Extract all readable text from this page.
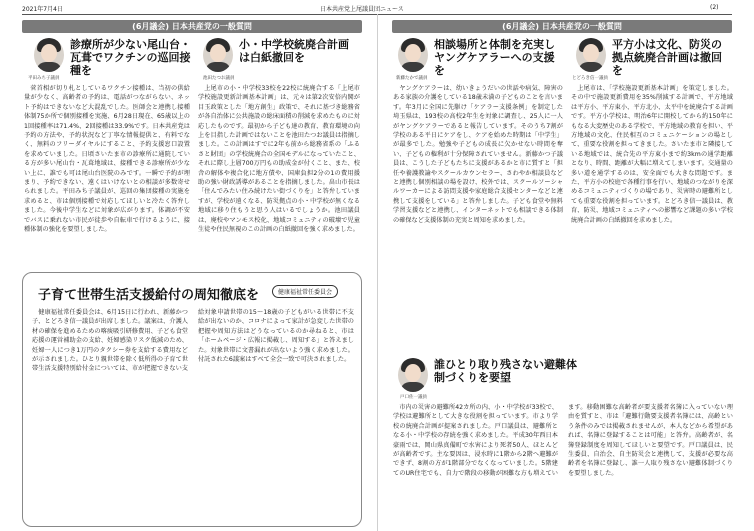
2021年7月4日	日本共産党上尾議員団ニュース	(2)
(6月議会) 日本共産党の一般質問	(6月議会) 日本共産党の一般質問
診療所が少ない尾山台・瓦葺でワクチンの巡回接種を
平田みち子議員

菅首相が切り札としているワクチン接種は、当初の供給量が少なく、高齢者の予約は、電話がつながらない、ネット予約はできないなど大混乱でした。医師会と連携し接種体制75か所で個別接種を実施、6月28日現在、65歳以上の1回接種率は71.4%、2回接種は33.9%です。日本共産党は予約の方法や、予約状況など丁寧な情報提供と、有料でなく、無料のフリーダイヤルにすること、予約支援窓口設置を求めていました。日頃さいたま市の診療所に通院している方が多い尾山台・瓦葺地域は、接種できる診療所が少ない上に、誰でも可は尾山台医院のみです。一瞬で予約が埋まり、予約できない、遠くはいけないとの相談が多数寄せられました。平田みち子議員が、巡回の集団接種の実施を求めると、市は個別接種で対応してほしいと冷たく答弁しました。今後中学生などに対象が広がります。体調が不安でバスに乗れない市民が徒歩や自転車で行けるように、接種体制の強化を要望しました。

小・中学校統廃合計画は白紙撤回を
池田たつお議員

上尾市の小・中学校33校を22校に統廃合する「上尾市学校施設更新計画基本計画」は、元々は第2次安倍内閣が目玉政策とした「地方創生」政策で、それに基づき総務省が各自治体に公共施設の総床面積の削減を求めたものに対応したものです。最初から子ども達の教育、教育環境の向上を目指した計画ではないことを池田たつお議員は指摘しました。この計画はすでに2年も前から総務省系の「ふるさと財団」の学校統廃合の全国モデルになっていたこと、それに際し上層700万円もの助成金が付くこと、また、校舎の解体や複合化に地方債や、国庫負担2分の1の費用援助の強い財政誘導があることを指摘しました。畠山市長は「住んでみたい住み続けたい街づくりを」と答弁していますが、学校が遠くなる、防災拠点の小・中学校が無くなる地域に移り住もうと思う人はいるでしょうか。池田議員は、廃校やマンモス校化、地域コミュニティの破壊で児童生徒や住民無視のこの計画の白紙撤回を強く求めました。

相談場所と体制を充実しヤングケアラーへの支援を
新藤たかで議員

ヤングケアラーは、幼いきょうだいの世話や病気、障害のある家族の介護をしている18歳未満の子どものことを言います。年3月に全国に先駆け「ケアラー支援条例」を制定した埼玉県は、193校の高校2年生を対象に調査し、25人に一人がヤングケアラーであると報告しています。そのうち7割が学校のある平日にケアをし、ケアを始めた時期は「中学生」が最多でした。勉強や子どもの成長に欠かせない時間を奪い、子どもの権利が十分保障されていません。新藤かつ子議員は、こうした子どもたちに支援があるかと市に質すと「担任や養護教諭やスクールカウンセラー、さわやか相談員などと連携し個別相談の場を設け、校外では、スクールソーシャルワーカーによる訪問支援や家庭総合支援センターなどと連携して支援をしている」と答弁しました。子ども食堂や無料学習支援などと連携し、インターネットでも相談できる体制の確保など支援体制の充実と周知を求めました。

平方小は文化、防災の拠点統廃合計画は撤回を
とどろき信一議員

上尾市は、「学校施設更新基本計画」を策定しました。その中で施設更新費用を35%削減する計画で、平方地域は平方小、平方東小、平方北小、太平中を統廃合する計画です。平方小学校は、明治6年に開校してから約150年にもなる大変歴史のある学校で、平方地域の教育を担い、平方地域の文化、住民相互のコミュニケーションの場として、重要な役割を担ってきました。さいたま市と隣接している地域では、統合先の平方東小まで約3kmの通学距離となり、時間、距離が大幅に増えてしまいます。交通量の多い道を通学するのは、安全面でも大きな問題です。また、平方小の校庭で各種行事を行い、地域のつながりを深めるコミュニティづくりの場であり、災害時の避難所としても重要な役割を担っています。とどろき信一議員は、教育、防災、地域コミュニティへの影響など課題の多い学校統廃合計画の白紙撤回を求めました。

誰ひとり取り残さない避難体制づくりを要望
戸口佐一議員

市内の災害の避難所42カ所の内、小・中学校が33校で、学校は避難所として大きな役割を担っています。市より学校の統廃合計画が提案されました。戸口議員は、避難所となる小・中学校の存続を強く求めました。平成30年西日本豪雨では、岡山県真備町で水害により死者50人、ほとんどが高齢者です。主な要因は、浸水時に1階から2階へ避難ができず、8割の方が1階部分でなくなっていました。5階建てのUR住宅でも、自力で階段の移動が困難な方も増えています。移動困難な高齢者が要支援者名簿に入っていない理由を質すと、市は「避難行動要支援者名簿には、高齢という条件のみでは掲載されませんが、本人などから希望があれば、名簿に登録することは可能」と答弁。高齢者が、名簿登録制度を周知してほしいと要望です。戸口議員は、民生委員、自治会、自主防災会と連携して、支援が必要な高齢者を名簿に登録し、誰一人取り残さない避難体制づくりを要望しました。

子育て世帯生活支援給付の周知徹底を	健康福祉常任委員会

健康福祉常任委員会は、6月15日に行われ、新藤かつ子、とどろき信一議員が出席しました。議案は、介護人材の確保を進めるための喀痰吸引研修費用、子ども食堂応援の運営補助金の支給、妊婦感染リスク低減のため、妊婦一人につき1万円のタクシー券を支給する費用などが示されました。ひとり親世帯を除く低所得の子育て世帯生活支援特別給付金については、市が把握できない支給対象申請世帯の15～18歳の子どもがいる世帯に不支給が出ないのか、コロナによって家計が急変した世帯の把握や周知方法はどうなっているのか尋ねると、市は「ホームページ・広報に掲載し、周知する」と答えました。対象世帯に文書漏れが出ないよう強く求めました。付託された6議案はすべて全会一致で可決されました。
